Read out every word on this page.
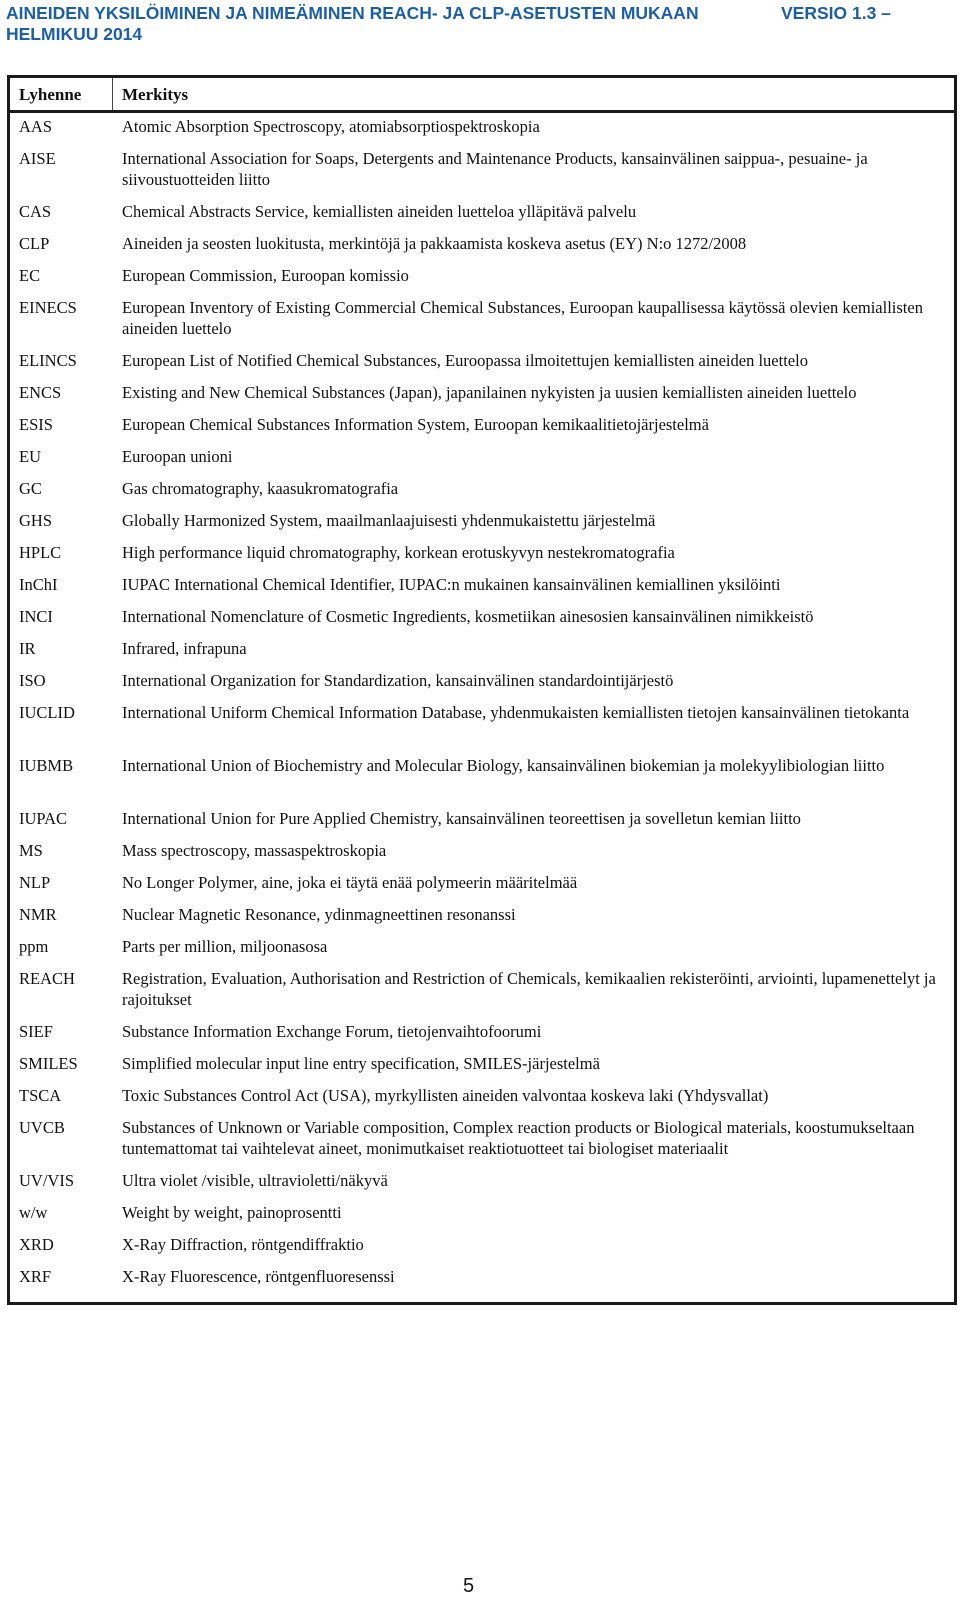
AINEIDEN YKSILÖIMINEN JA NIMEÄMINEN REACH- JA CLP-ASETUSTEN MUKAAN	VERSIO 1.3 –
HELMIKUU 2014
Lyhenne Merkitys
AAS	Atomic Absorption Spectroscopy, atomiabsorptiospektroskopia
AISE	International Association for Soaps, Detergents and Maintenance Products, kansainvälinen saippua-, pesuaine- ja siivoustuotteiden liitto
CAS	Chemical Abstracts Service, kemiallisten aineiden luetteloa ylläpitävä palvelu
CLP	Aineiden ja seosten luokitusta, merkintöjä ja pakkaamista koskeva asetus (EY) N:o 1272/2008
EC	European Commission, Euroopan komissio
EINECS	European Inventory of Existing Commercial Chemical Substances, Euroopan kaupallisessa käytössä olevien kemiallisten aineiden luettelo
ELINCS	European List of Notified Chemical Substances, Euroopassa ilmoitettujen kemiallisten aineiden luettelo
ENCS	Existing and New Chemical Substances (Japan), japanilainen nykyisten ja uusien kemiallisten aineiden luettelo
ESIS	European Chemical Substances Information System, Euroopan kemikaalitietojärjestelmä
EU	Euroopan unioni
GC	Gas chromatography, kaasukromatografia
GHS	Globally Harmonized System, maailmanlaajuisesti yhdenmukaistettu järjestelmä
HPLC	High performance liquid chromatography, korkean erotuskyvyn nestekromatografia
InChI	IUPAC International Chemical Identifier, IUPAC:n mukainen kansainvälinen kemiallinen yksilöinti
INCI	International Nomenclature of Cosmetic Ingredients, kosmetiikan ainesosien kansainvälinen nimikkeistö
IR	Infrared, infrapuna
ISO	International Organization for Standardization, kansainvälinen standardointijärjestö
IUCLID	International Uniform Chemical Information Database, yhdenmukaisten kemiallisten tietojen kansainvälinen tietokanta
IUBMB	International Union of Biochemistry and Molecular Biology, kansainvälinen biokemian ja molekyylibiologian liitto
IUPAC	International Union for Pure Applied Chemistry, kansainvälinen teoreettisen ja sovelletun kemian liitto
MS	Mass spectroscopy, massaspektroskopia
NLP	No Longer Polymer, aine, joka ei täytä enää polymeerin määritelmää
NMR	Nuclear Magnetic Resonance, ydinmagneettinen resonanssi
ppm	Parts per million, miljoonasosa
REACH	Registration, Evaluation, Authorisation and Restriction of Chemicals, kemikaalien rekisteröinti, arviointi, lupamenettelyt ja rajoitukset
SIEF	Substance Information Exchange Forum, tietojenvaihtofoorumi
SMILES	Simplified molecular input line entry specification, SMILES-järjestelmä
TSCA	Toxic Substances Control Act (USA), myrkyllisten aineiden valvontaa koskeva laki (Yhdysvallat)
UVCB	Substances of Unknown or Variable composition, Complex reaction products or Biological materials, koostumukseltaan tuntemattomat tai vaihtelevat aineet, monimutkaiset reaktiotuotteet tai biologiset materiaalit
UV/VIS	Ultra violet /visible, ultravioletti/näkyvä
w/w	Weight by weight, painoprosentti
XRD	X-Ray Diffraction, röntgendiffraktio
XRF	X-Ray Fluorescence, röntgenfluoresenssi
5
